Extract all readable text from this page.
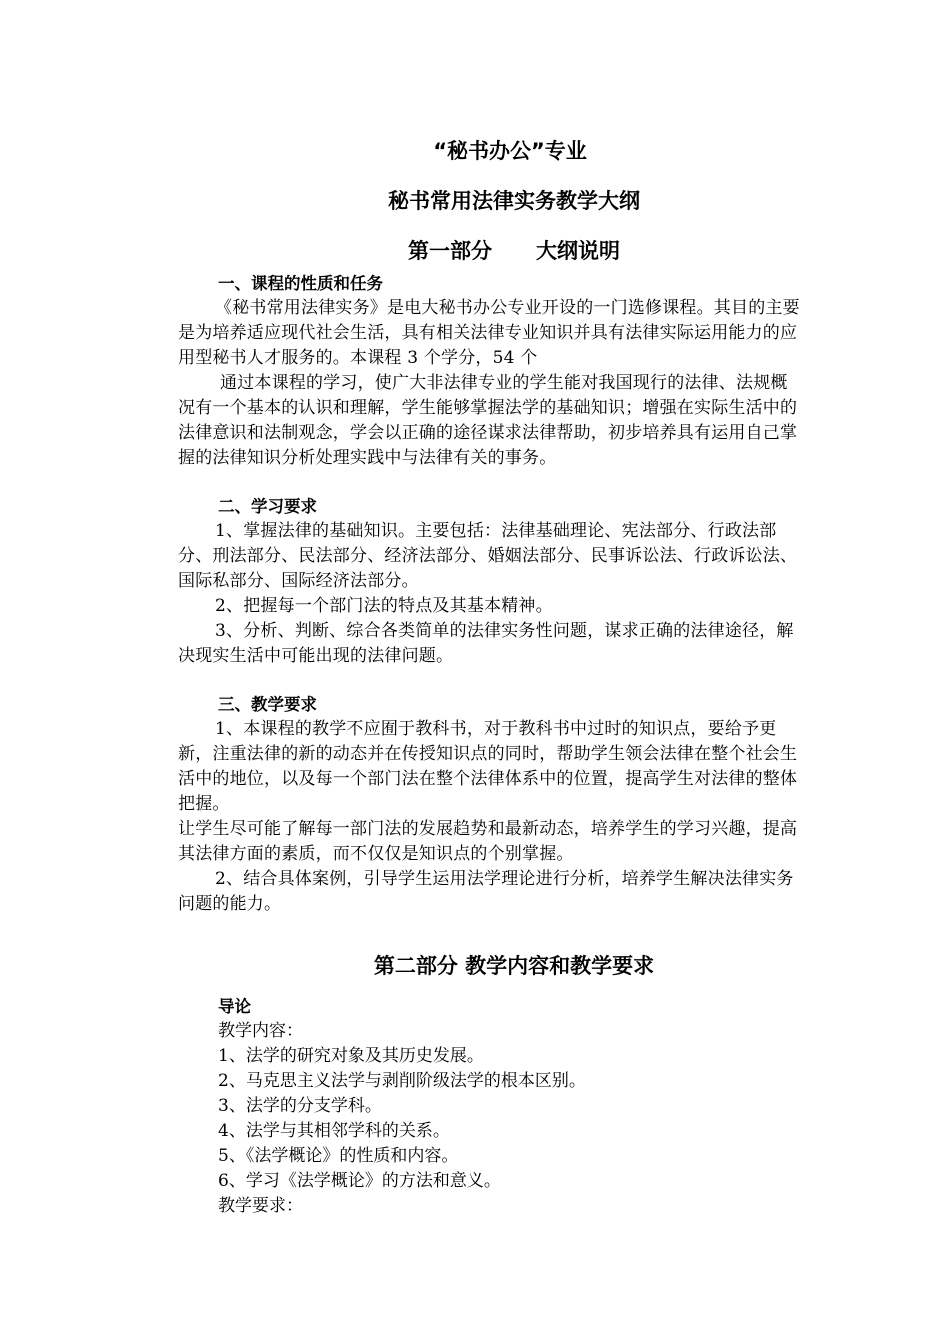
“秘书办公”专业

秘书常用法律实务教学大纲

第一部分 大纲说明

一、课程的性质和任务

《秘书常用法律实务》是电大秘书办公专业开设的一门选修课程。其目的主要是为培养适应现代社会生活，具有相关法律专业知识并具有法律实际运用能力的应用型秘书人才服务的。本课程 3 个学分，54 个

通过本课程的学习，使广大非法律专业的学生能对我国现行的法律、法规概况有一个基本的认识和理解，学生能够掌握法学的基础知识；增强在实际生活中的法律意识和法制观念，学会以正确的途径谋求法律帮助，初步培养具有运用自己掌握的法律知识分析处理实践中与法律有关的事务。

二、学习要求

1、掌握法律的基础知识。主要包括：法律基础理论、宪法部分、行政法部分、刑法部分、民法部分、经济法部分、婚姻法部分、民事诉讼法、行政诉讼法、国际私部分、国际经济法部分。

2、把握每一个部门法的特点及其基本精神。

3、分析、判断、综合各类简单的法律实务性问题，谋求正确的法律途径，解决现实生活中可能出现的法律问题。

三、教学要求

1、本课程的教学不应囿于教科书，对于教科书中过时的知识点，要给予更新，注重法律的新的动态并在传授知识点的同时，帮助学生领会法律在整个社会生活中的地位，以及每一个部门法在整个法律体系中的位置，提高学生对法律的整体把握。

让学生尽可能了解每一部门法的发展趋势和最新动态，培养学生的学习兴趣，提高其法律方面的素质，而不仅仅是知识点的个别掌握。

2、结合具体案例，引导学生运用法学理论进行分析，培养学生解决法律实务问题的能力。

第二部分 教学内容和教学要求

导论

教学内容：

1、法学的研究对象及其历史发展。

2、马克思主义法学与剥削阶级法学的根本区别。

3、法学的分支学科。

4、法学与其相邻学科的关系。

5、《法学概论》的性质和内容。

6、学习《法学概论》的方法和意义。

教学要求：
